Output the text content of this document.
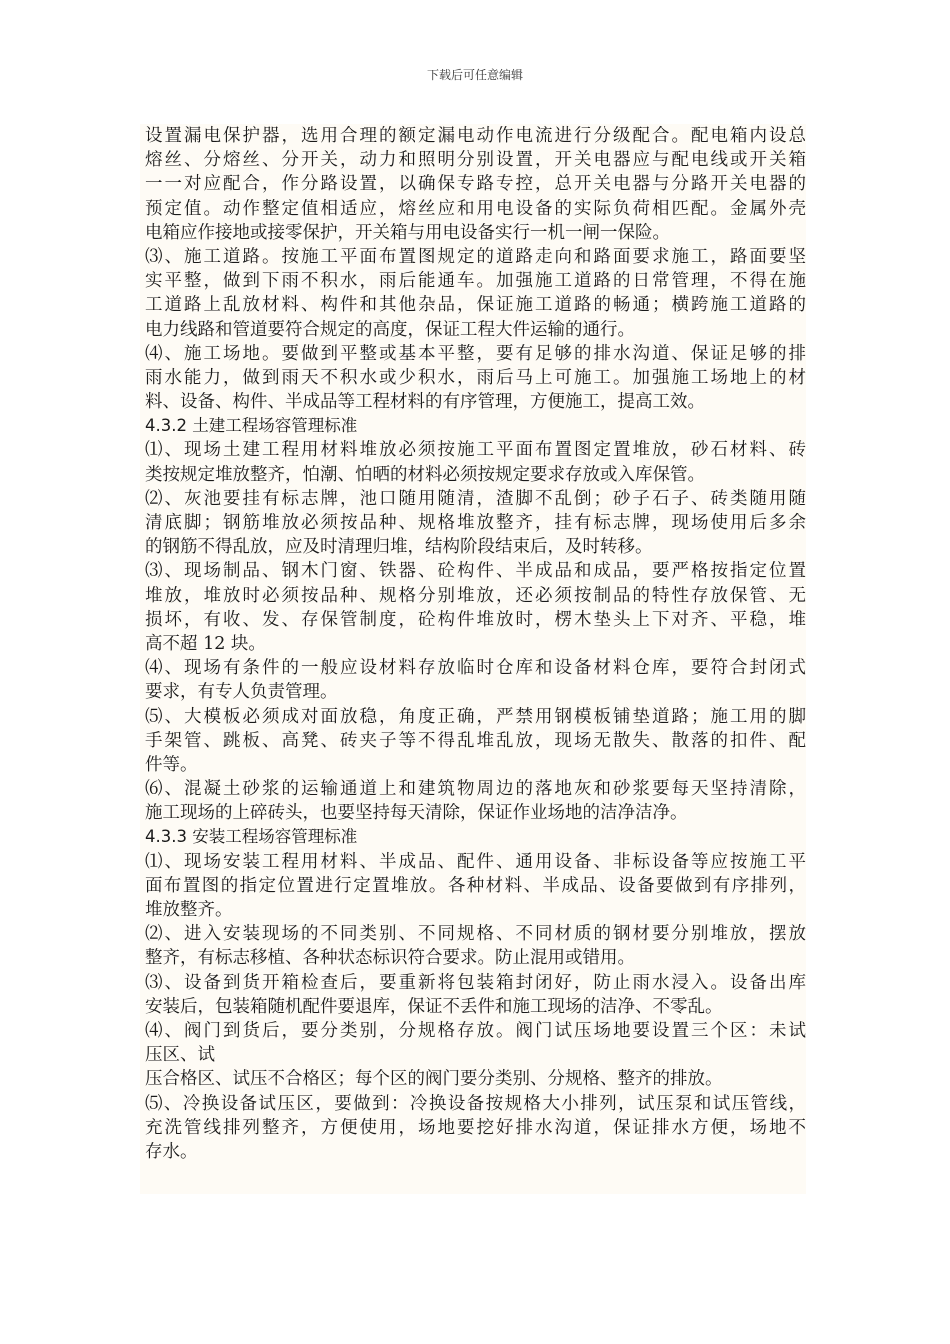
下载后可任意编辑
设置漏电保护器，选用合理的额定漏电动作电流进行分级配合。配电箱内设总
熔丝、分熔丝、分开关，动力和照明分别设置，开关电器应与配电线或开关箱
一一对应配合，作分路设置，以确保专路专控，总开关电器与分路开关电器的
预定值。动作整定值相适应，熔丝应和用电设备的实际负荷相匹配。金属外壳
电箱应作接地或接零保护，开关箱与用电设备实行一机一闸一保险。
⑶、施工道路。按施工平面布置图规定的道路走向和路面要求施工，路面要坚
实平整，做到下雨不积水，雨后能通车。加强施工道路的日常管理，不得在施
工道路上乱放材料、构件和其他杂品，保证施工道路的畅通；横跨施工道路的
电力线路和管道要符合规定的高度，保证工程大件运输的通行。
⑷、施工场地。要做到平整或基本平整，要有足够的排水沟道、保证足够的排
雨水能力，做到雨天不积水或少积水，雨后马上可施工。加强施工场地上的材
料、设备、构件、半成品等工程材料的有序管理，方便施工，提高工效。
4.3.2 土建工程场容管理标准
⑴、现场土建工程用材料堆放必须按施工平面布置图定置堆放，砂石材料、砖
类按规定堆放整齐，怕潮、怕晒的材料必须按规定要求存放或入库保管。
⑵、灰池要挂有标志牌，池口随用随清，渣脚不乱倒；砂子石子、砖类随用随
清底脚；钢筋堆放必须按品种、规格堆放整齐，挂有标志牌，现场使用后多余
的钢筋不得乱放，应及时清理归堆，结构阶段结束后，及时转移。
⑶、现场制品、钢木门窗、铁器、砼构件、半成品和成品，要严格按指定位置
堆放，堆放时必须按品种、规格分别堆放，还必须按制品的特性存放保管、无
损坏，有收、发、存保管制度，砼构件堆放时，楞木垫头上下对齐、平稳，堆
高不超 12 块。
⑷、现场有条件的一般应设材料存放临时仓库和设备材料仓库，要符合封闭式
要求，有专人负责管理。
⑸、大模板必须成对面放稳，角度正确，严禁用钢模板铺垫道路；施工用的脚
手架管、跳板、高凳、砖夹子等不得乱堆乱放，现场无散失、散落的扣件、配
件等。
⑹、混凝土砂浆的运输通道上和建筑物周边的落地灰和砂浆要每天坚持清除，
施工现场的上碎砖头，也要坚持每天清除，保证作业场地的洁净洁净。
4.3.3 安装工程场容管理标准
⑴、现场安装工程用材料、半成品、配件、通用设备、非标设备等应按施工平
面布置图的指定位置进行定置堆放。各种材料、半成品、设备要做到有序排列，
堆放整齐。
⑵、进入安装现场的不同类别、不同规格、不同材质的钢材要分别堆放，摆放
整齐，有标志移植、各种状态标识符合要求。防止混用或错用。
⑶、设备到货开箱检查后，要重新将包装箱封闭好，防止雨水浸入。设备出库
安装后，包装箱随机配件要退库，保证不丢件和施工现场的洁净、不零乱。
⑷、阀门到货后，要分类别，分规格存放。阀门试压场地要设置三个区：未试
压区、试
压合格区、试压不合格区；每个区的阀门要分类别、分规格、整齐的排放。
⑸、冷换设备试压区，要做到：冷换设备按规格大小排列，试压泵和试压管线，
充洗管线排列整齐，方便使用，场地要挖好排水沟道，保证排水方便，场地不
存水。
